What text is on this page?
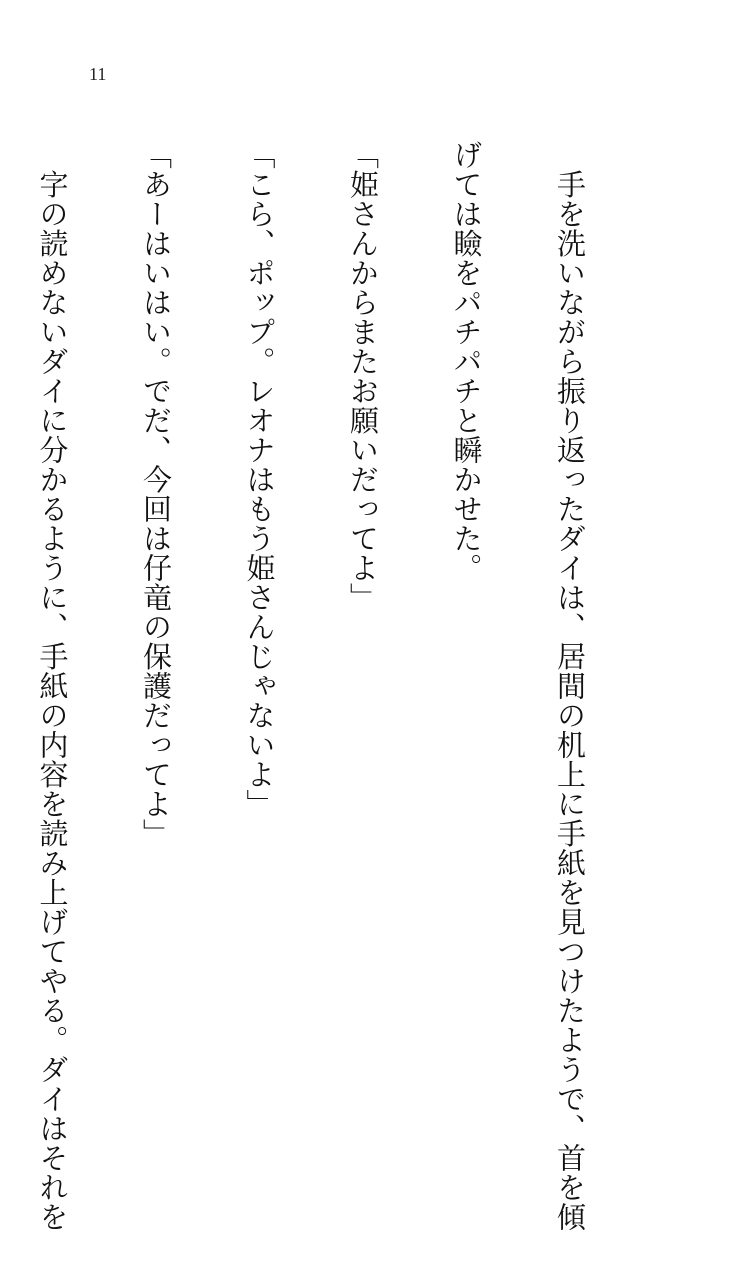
11

　手を洗いながら振り返ったダイは、居間の机上に手紙を見つけたようで、首を傾

げては瞼をパチパチと瞬かせた。

「姫さんからまたお願いだってよ」

「こら、ポップ。レオナはもう姫さんじゃないよ」

「あーはいはい。でだ、今回は仔竜の保護だってよ」

　字の読めないダイに分かるように、手紙の内容を読み上げてやる。ダイはそれを
